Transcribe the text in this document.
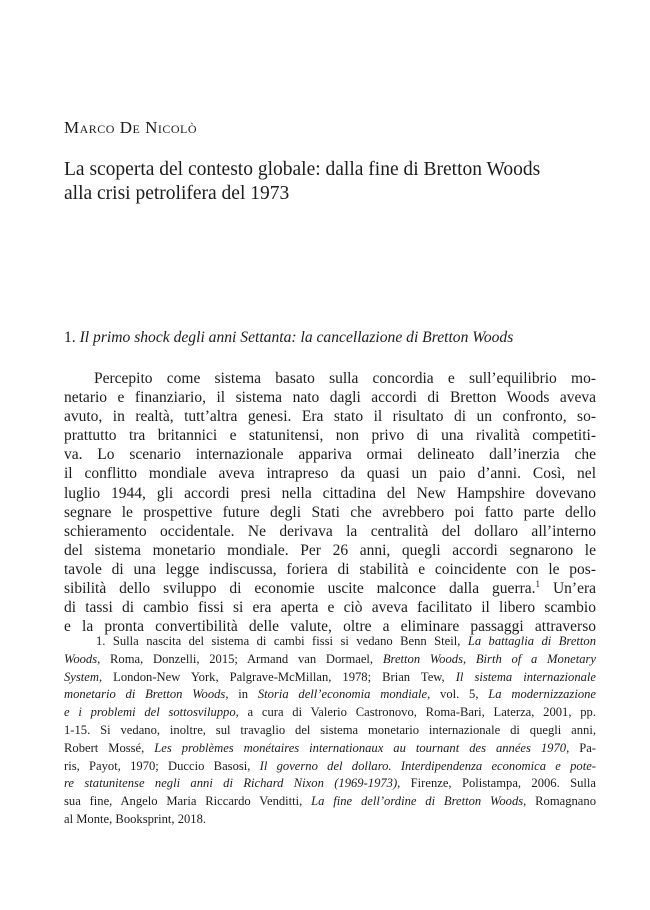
Marco De Nicolò
La scoperta del contesto globale: dalla fine di Bretton Woods
alla crisi petrolifera del 1973
1. Il primo shock degli anni Settanta: la cancellazione di Bretton Woods
Percepito come sistema basato sulla concordia e sull’equilibrio mo-
netario e finanziario, il sistema nato dagli accordi di Bretton Woods aveva
avuto, in realtà, tutt’altra genesi. Era stato il risultato di un confronto, so-
prattutto tra britannici e statunitensi, non privo di una rivalità competiti-
va. Lo scenario internazionale appariva ormai delineato dall’inerzia che
il conflitto mondiale aveva intrapreso da quasi un paio d’anni. Così, nel
luglio 1944, gli accordi presi nella cittadina del New Hampshire dovevano
segnare le prospettive future degli Stati che avrebbero poi fatto parte dello
schieramento occidentale. Ne derivava la centralità del dollaro all’interno
del sistema monetario mondiale. Per 26 anni, quegli accordi segnarono le
tavole di una legge indiscussa, foriera di stabilità e coincidente con le pos-
sibilità dello sviluppo di economie uscite malconce dalla guerra.$^1$ Un’era
di tassi di cambio fissi si era aperta e ciò aveva facilitato il libero scambio
e la pronta convertibilità delle valute, oltre a eliminare passaggi attraverso
1. Sulla nascita del sistema di cambi fissi si vedano Benn Steil, La battaglia di Bretton
Woods, Roma, Donzelli, 2015; Armand van Dormael, Bretton Woods, Birth of a Monetary
System, London-New York, Palgrave-McMillan, 1978; Brian Tew, Il sistema internazionale
monetario di Bretton Woods, in Storia dell’economia mondiale, vol. 5, La modernizzazione
e i problemi del sottosviluppo, a cura di Valerio Castronovo, Roma-Bari, Laterza, 2001, pp.
1-15. Si vedano, inoltre, sul travaglio del sistema monetario internazionale di quegli anni,
Robert Mossé, Les problèmes monétaires internationaux au tournant des années 1970, Pa-
ris, Payot, 1970; Duccio Basosi, Il governo del dollaro. Interdipendenza economica e pote-
re statunitense negli anni di Richard Nixon (1969-1973), Firenze, Polistampa, 2006. Sulla
sua fine, Angelo Maria Riccardo Venditti, La fine dell’ordine di Bretton Woods, Romagnano
al Monte, Booksprint, 2018.
